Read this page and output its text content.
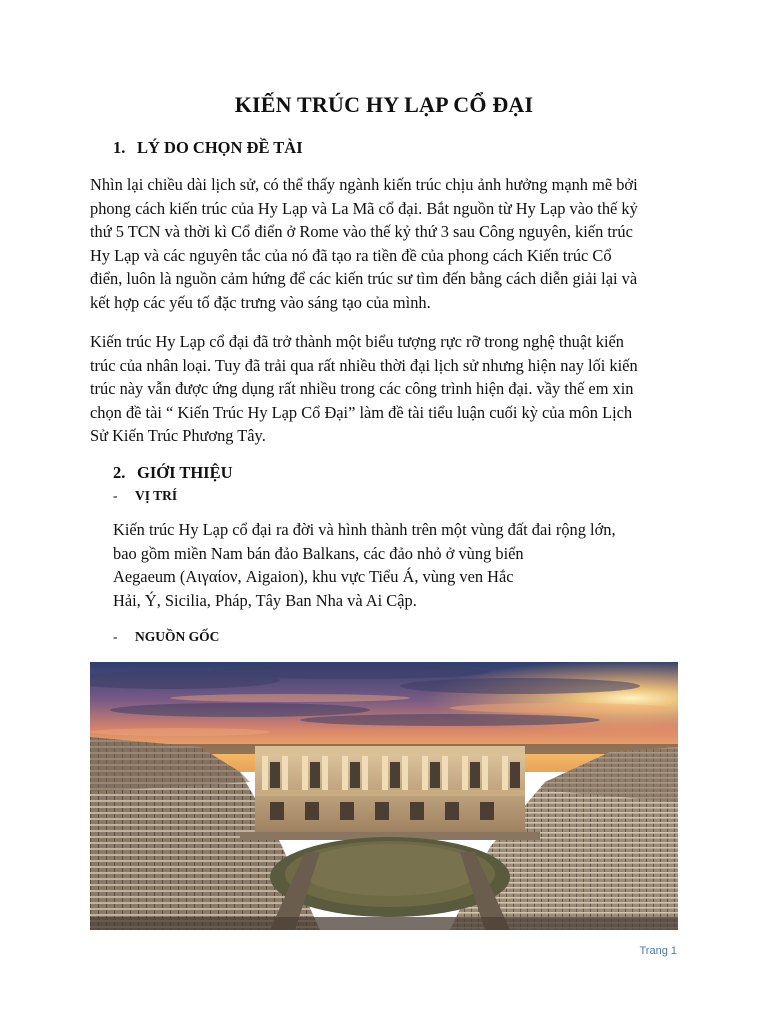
KIẾN TRÚC HY LẠP CỔ ĐẠI
1. LÝ DO CHỌN ĐỀ TÀI
Nhìn lại chiều dài lịch sử, có thể thấy ngành kiến trúc chịu ảnh hưởng mạnh mẽ bởi
phong cách kiến trúc của Hy Lạp và La Mã cổ đại. Bắt nguồn từ Hy Lạp vào thế kỷ
thứ 5 TCN và thời kì Cổ điển ở Rome vào thế kỷ thứ 3 sau Công nguyên, kiến trúc
Hy Lạp và các nguyên tắc của nó đã tạo ra tiền đề của phong cách Kiến trúc Cổ
điển, luôn là nguồn cảm hứng để các kiến trúc sư tìm đến bằng cách diễn giải lại và
kết hợp các yếu tố đặc trưng vào sáng tạo của mình.
Kiến trúc Hy Lạp cổ đại đã trở thành một biểu tượng rực rỡ trong nghệ thuật kiến
trúc của nhân loại. Tuy đã trải qua rất nhiều thời đại lịch sử nhưng hiện nay lối kiến
trúc này vẫn được ứng dụng rất nhiều trong các công trình hiện đại. vầy thế em xin
chọn đề tài “ Kiến Trúc Hy Lạp Cổ Đại” làm đề tài tiểu luận cuối kỳ của môn Lịch
Sử Kiến Trúc Phương Tây.
2. GIỚI THIỆU
- VỊ TRÍ
Kiến trúc Hy Lạp cổ đại ra đời và hình thành trên một vùng đất đai rộng lớn,
bao gồm miền Nam bán đảo Balkans, các đảo nhỏ ở vùng biển
Aegaeum (Αιγαίον, Aigaion), khu vực Tiểu Á, vùng ven Hắc
Hải, Ý, Sicilia, Pháp, Tây Ban Nha và Ai Cập.
- NGUỒN GỐC
Trang 1
